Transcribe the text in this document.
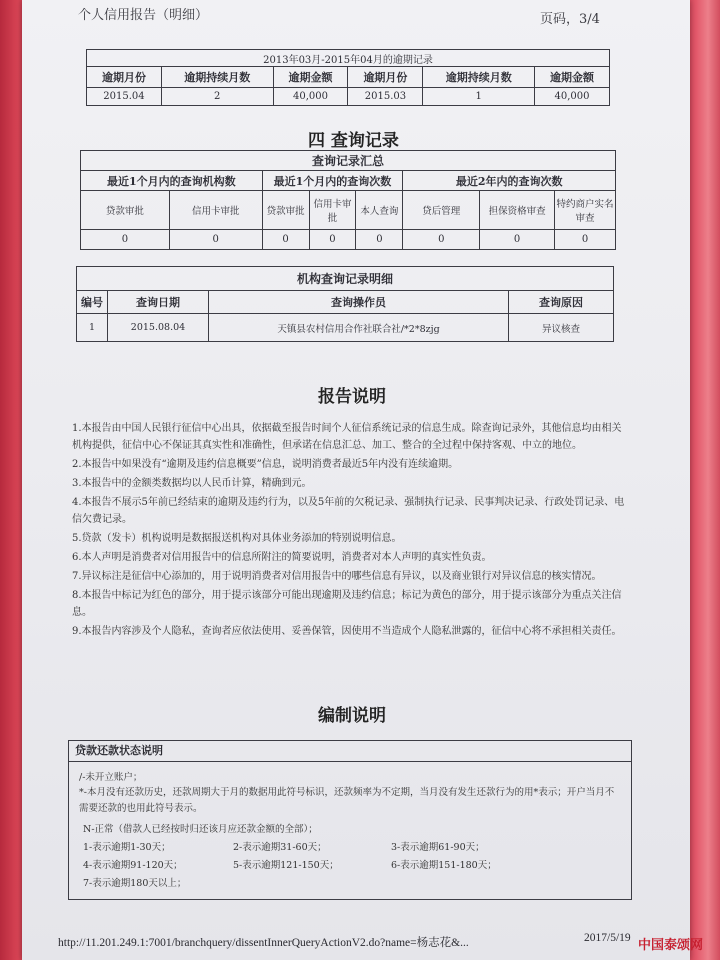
个人信用报告（明细）	页码，3/4
2013年03月-2015年04月的逾期记录					
逾期月份	逾期持续月数	逾期金额	逾期月份	逾期持续月数	逾期金额
2015.04	2	40,000	2015.03	1	40,000
四 查询记录
查询记录汇总							
最近1个月内的查询机构数		最近1个月内的查询次数			最近2年内的查询次数		
贷款审批	信用卡审批	贷款审批	信用卡审批	本人查询	贷后管理	担保资格审查	特约商户实名审查
0	0	0	0	0	0	0	0
机构查询记录明细			
编号	查询日期	查询操作员	查询原因
1	2015.08.04	天镇县农村信用合作社联合社/*2*8zjg	异议核查
报告说明
1.本报告由中国人民银行征信中心出具，依据截至报告时间个人征信系统记录的信息生成。除查询记录外，其他信息均由相关机构提供，征信中心不保证其真实性和准确性，但承诺在信息汇总、加工、整合的全过程中保持客观、中立的地位。
2.本报告中如果没有“逾期及违约信息概要”信息，说明消费者最近5年内没有连续逾期。
3.本报告中的金额类数据均以人民币计算，精确到元。
4.本报告不展示5年前已经结束的逾期及违约行为，以及5年前的欠税记录、强制执行记录、民事判决记录、行政处罚记录、电信欠费记录。
5.贷款（发卡）机构说明是数据报送机构对具体业务添加的特别说明信息。
6.本人声明是消费者对信用报告中的信息所附注的简要说明，消费者对本人声明的真实性负责。
7.异议标注是征信中心添加的，用于说明消费者对信用报告中的哪些信息有异议，以及商业银行对异议信息的核实情况。
8.本报告中标记为红色的部分，用于提示该部分可能出现逾期及违约信息；标记为黄色的部分，用于提示该部分为重点关注信息。
9.本报告内容涉及个人隐私，查询者应依法使用、妥善保管，因使用不当造成个人隐私泄露的，征信中心将不承担相关责任。
编制说明
贷款还款状态说明
/-未开立账户；
*-本月没有还款历史，还款周期大于月的数据用此符号标识，还款频率为不定期，当月没有发生还款行为的用*表示；开户当月不需要还款的也用此符号表示。
N-正常（借款人已经按时归还该月应还款金额的全部）；
1-表示逾期1-30天；	2-表示逾期31-60天；	3-表示逾期61-90天；
4-表示逾期91-120天；	5-表示逾期121-150天；	6-表示逾期151-180天；
7-表示逾期180天以上；
http://11.201.249.1:7001/branchquery/dissentInnerQueryActionV2.do?name=杨志花&...	2017/5/19 中国泰颂网
